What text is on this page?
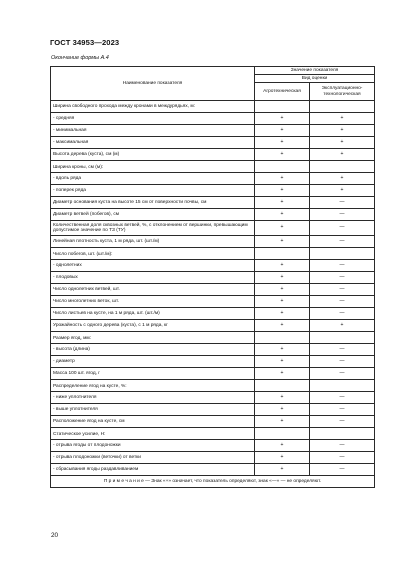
ГОСТ 34953—2023
Окончание формы А.4
Наименование показателя	Значение показателя	
	Вид оценки	
	Агротехническая	Эксплуатационно-технологическая
Ширина свободного прохода между кронами в междурядьях, м:		
- средняя	+	+
- минимальная	+	+
- максимальная	+	+
Высота дерева (куста), см (м)	+	+
Ширина кроны, см (м):		
- вдоль ряда	+	+
- поперек ряда	+	+
Диаметр основания куста на высоте 15 см от поверхности почвы, см	+	—
Диаметр ветвей (побегов), см	+	—
Количественная доля сквозных ветвей, %, с отклонением от вершинки, превышающим допустимое значение по ТЗ (ТУ)	+	—
Линейная плотность куста, 1 м ряда, шт. (шт./м)	+	—
Число побегов, шт. (шт./м):		
- однолетних	+	—
- плодовых	+	—
Число однолетних ветвей, шт.	+	—
Число многолетних веток, шт.	+	—
Число листьев на кусте, на 1 м ряда, шт. (шт./м)	+	—
Урожайность с одного дерева (куста), с 1 м ряда, кг	+	+
Размер ягод, мм:		
- высота (длина)	+	—
- диаметр	+	—
Масса 100 шт. ягод, г	+	—
Распределение ягод на кусте, %:		
- ниже уплотнителя	+	—
- выше уплотнителя	+	—
Расположение ягод на кусте, см	+	—
Статическое усилие, Н:		
- отрыва ягоды от плодоножки	+	—
- отрыва плодоножки (веточки) от ветки	+	—
- сбрасывания ягоды раздавливанием	+	—
П р и м е ч а н и е — Знак «+» означает, что показатель определяют, знак «—» — не определяют.		
20
